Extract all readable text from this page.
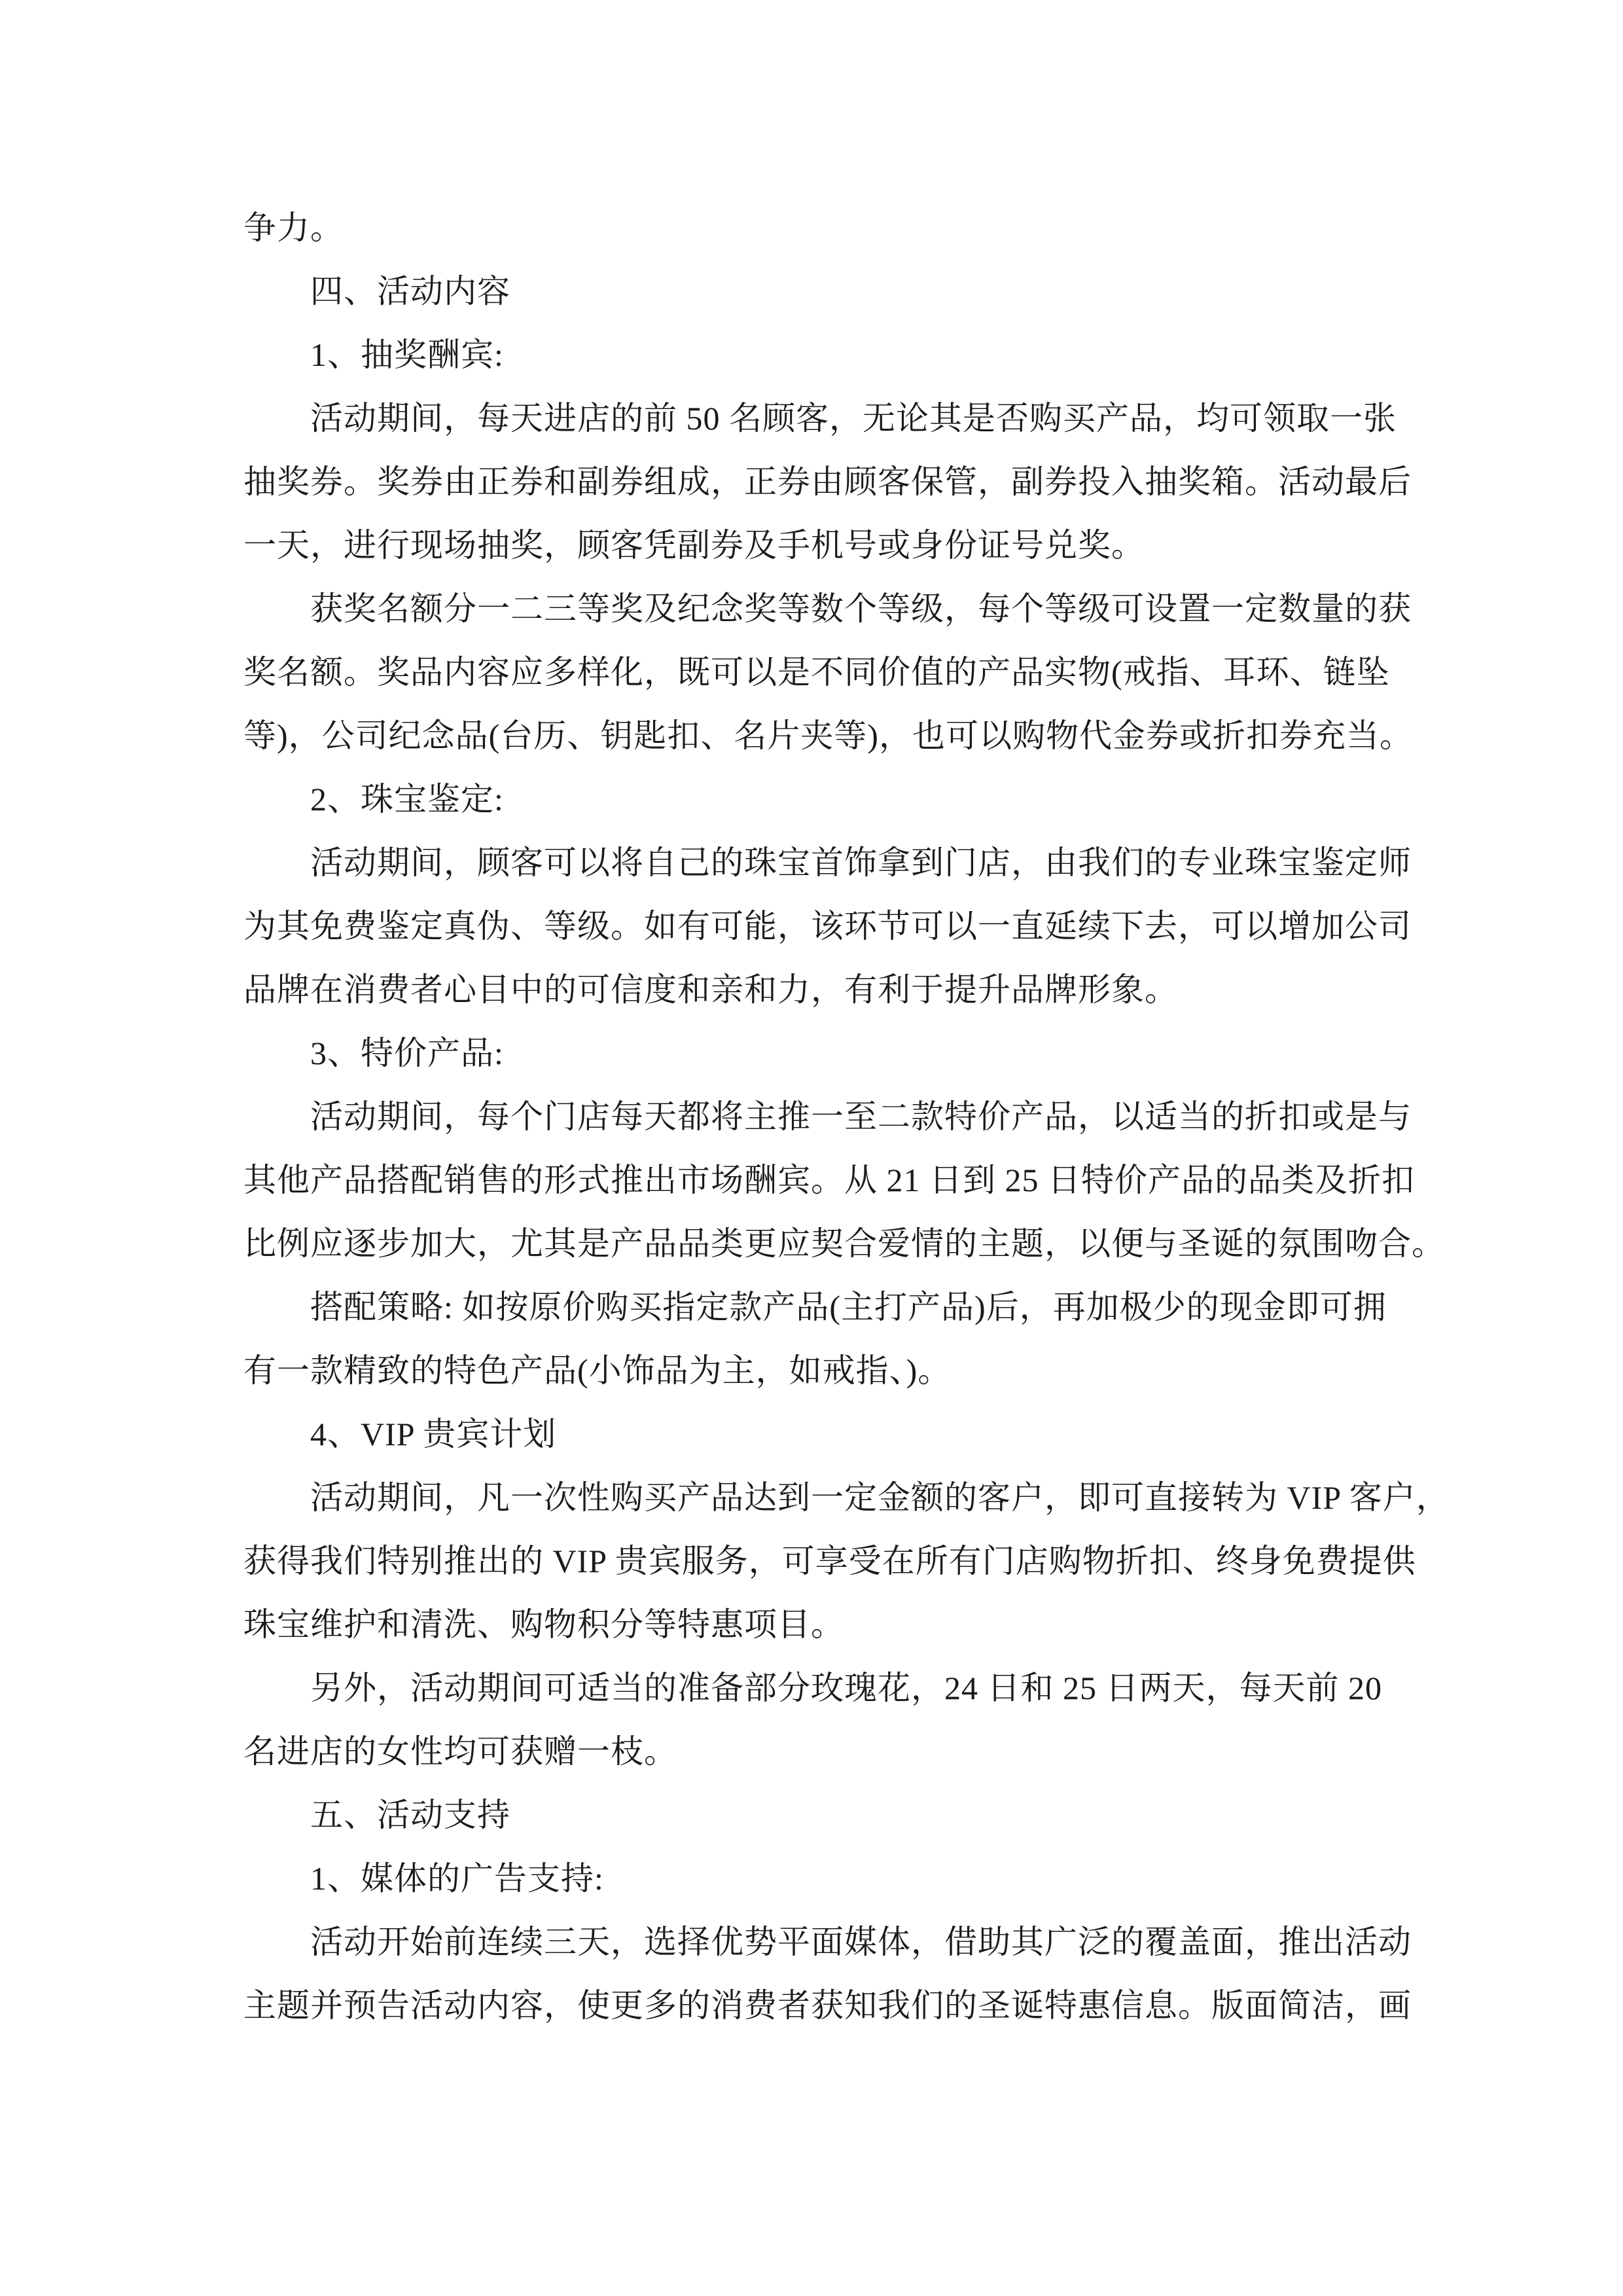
争力。
四、活动内容
1、抽奖酬宾:
活动期间，每天进店的前 50 名顾客，无论其是否购买产品，均可领取一张
抽奖券。奖券由正券和副券组成，正券由顾客保管，副券投入抽奖箱。活动最后
一天，进行现场抽奖，顾客凭副券及手机号或身份证号兑奖。
获奖名额分一二三等奖及纪念奖等数个等级，每个等级可设置一定数量的获
奖名额。奖品内容应多样化，既可以是不同价值的产品实物(戒指、耳环、链坠
等)，公司纪念品(台历、钥匙扣、名片夹等)，也可以购物代金券或折扣券充当。
2、珠宝鉴定:
活动期间，顾客可以将自己的珠宝首饰拿到门店，由我们的专业珠宝鉴定师
为其免费鉴定真伪、等级。如有可能，该环节可以一直延续下去，可以增加公司
品牌在消费者心目中的可信度和亲和力，有利于提升品牌形象。
3、特价产品:
活动期间，每个门店每天都将主推一至二款特价产品，以适当的折扣或是与
其他产品搭配销售的形式推出市场酬宾。从 21 日到 25 日特价产品的品类及折扣
比例应逐步加大，尤其是产品品类更应契合爱情的主题，以便与圣诞的氛围吻合。
搭配策略: 如按原价购买指定款产品(主打产品)后，再加极少的现金即可拥
有一款精致的特色产品(小饰品为主，如戒指、)。
4、VIP 贵宾计划
活动期间，凡一次性购买产品达到一定金额的客户，即可直接转为 VIP 客户，
获得我们特别推出的 VIP 贵宾服务，可享受在所有门店购物折扣、终身免费提供
珠宝维护和清洗、购物积分等特惠项目。
另外，活动期间可适当的准备部分玫瑰花，24 日和 25 日两天，每天前 20
名进店的女性均可获赠一枝。
五、活动支持
1、媒体的广告支持:
活动开始前连续三天，选择优势平面媒体，借助其广泛的覆盖面，推出活动
主题并预告活动内容，使更多的消费者获知我们的圣诞特惠信息。版面简洁，画
